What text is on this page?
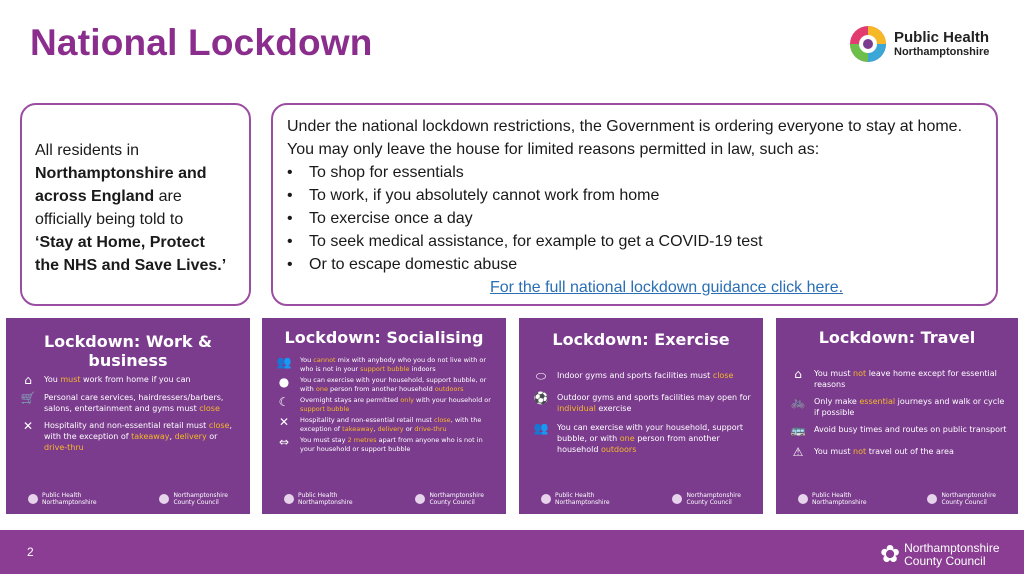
National Lockdown	Public Health
Northamptonshire
All residents in
Northamptonshire and
across England are
officially being told to
‘Stay at Home, Protect
the NHS and Save Lives.’

Under the national lockdown restrictions, the Government is ordering everyone to stay at home. You may only leave the house for limited reasons permitted in law, such as:

• To shop for essentials
• To work, if you absolutely cannot work from home
• To exercise once a day
• To seek medical assistance, for example to get a COVID-19 test
• Or to escape domestic abuse
For the full national lockdown guidance click here.
Lockdown: Work & business
⌂	You must work from home if you can
🛒	Personal care services, hairdressers/barbers, salons, entertainment and gyms must close
✕	Hospitality and non-essential retail must close, with the exception of takeaway, delivery or drive-thru
Public Health
Northamptonshire
Northamptonshire
County Council
Lockdown: Socialising
👥	You cannot mix with anybody who you do not live with or who is not in your support bubble indoors
●	You can exercise with your household, support bubble, or with one person from another household outdoors
☾	Overnight stays are permitted only with your household or support bubble
✕	Hospitality and non-essential retail must close, with the exception of takeaway, delivery or drive-thru
⇔	You must stay 2 metres apart from anyone who is not in your household or support bubble
Public Health
Northamptonshire
Northamptonshire
County Council
Lockdown: Exercise
⬭	Indoor gyms and sports facilities must close
⚽	Outdoor gyms and sports facilities may open for individual exercise
👥	You can exercise with your household, support bubble, or with one person from another household outdoors
Public Health
Northamptonshire
Northamptonshire
County Council
Lockdown: Travel
⌂	You must not leave home except for essential reasons
🚲	Only make essential journeys and walk or cycle if possible
🚌	Avoid busy times and routes on public transport
⚠	You must not travel out of the area
Public Health
Northamptonshire
Northamptonshire
County Council
2	✿ Northamptonshire
County Council
